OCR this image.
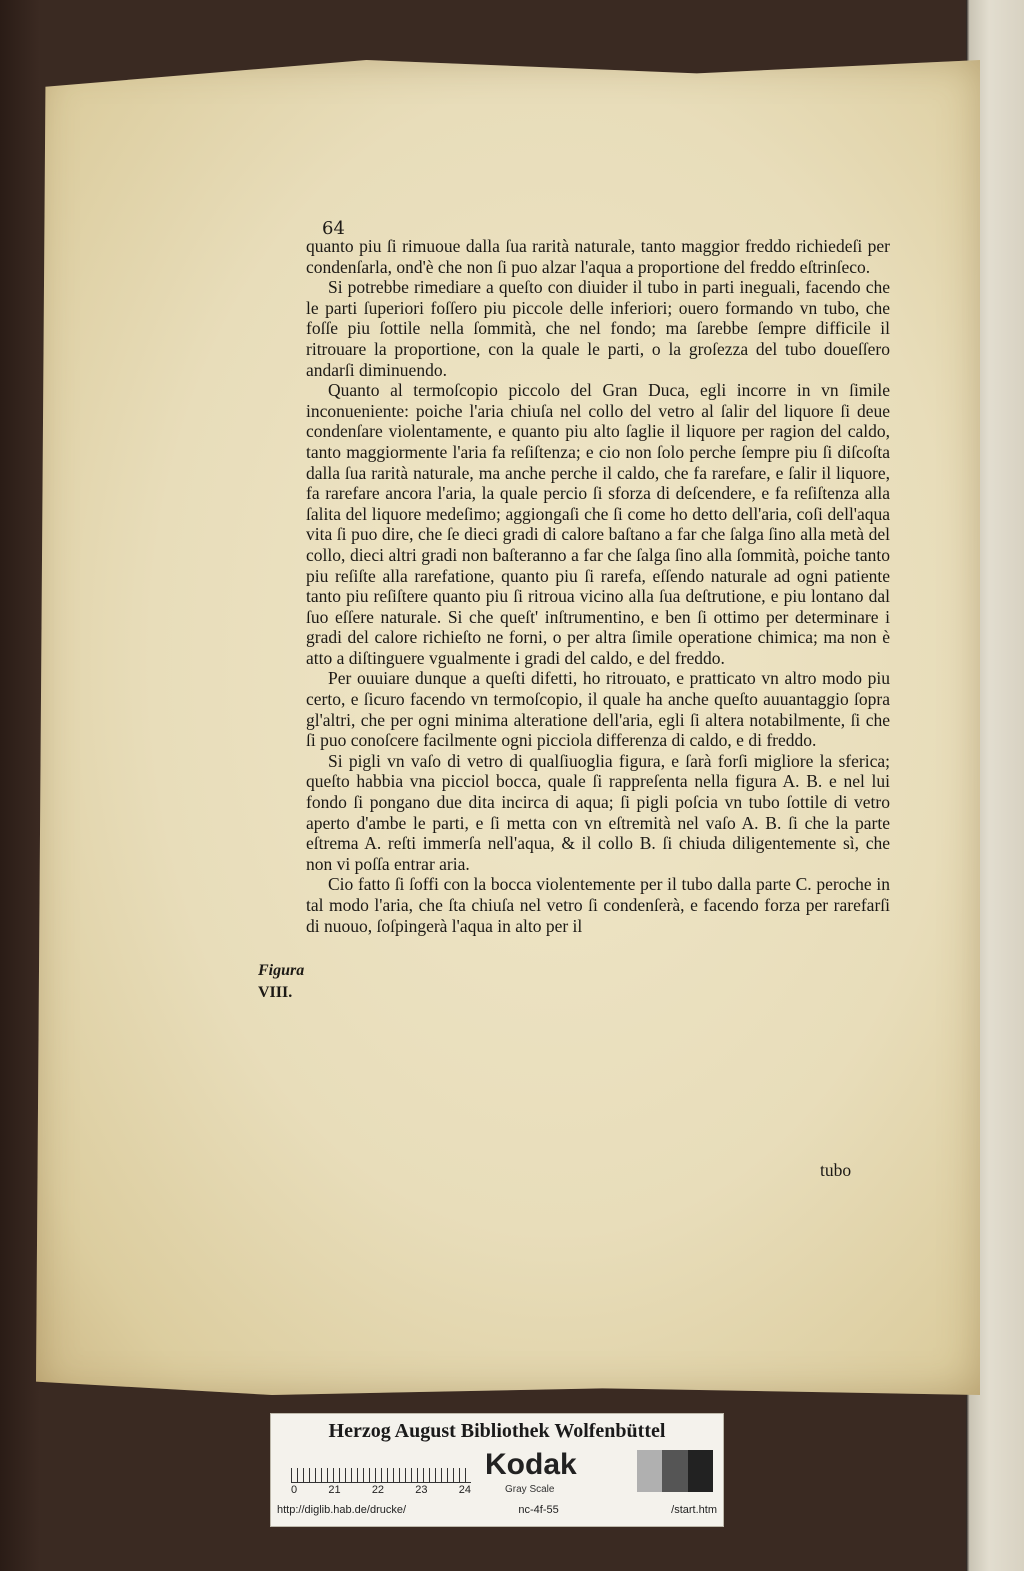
64

quanto piu ſi rimuoue dalla ſua rarità naturale, tanto maggior freddo richiedeſi per condenſarla, ond'è che non ſi puo alzar l'aqua a proportione del freddo eſtrinſeco.

Si potrebbe rimediare a queſto con diuider il tubo in parti ineguali, facendo che le parti ſuperiori foſſero piu piccole delle inferiori; ouero formando vn tubo, che foſſe piu ſottile nella ſommità, che nel fondo; ma ſarebbe ſempre difficile il ritrouare la proportione, con la quale le parti, o la groſezza del tubo doueſſero andarſi diminuendo.

Quanto al termoſcopio piccolo del Gran Duca, egli incorre in vn ſimile inconueniente: poiche l'aria chiuſa nel collo del vetro al ſalir del liquore ſi deue condenſare violentamente, e quanto piu alto ſaglie il liquore per ragion del caldo, tanto maggiormente l'aria fa reſiſtenza; e cio non ſolo perche ſempre piu ſi diſcoſta dalla ſua rarità naturale, ma anche perche il caldo, che fa rarefare, e ſalir il liquore, fa rarefare ancora l'aria, la quale percio ſi sforza di deſcendere, e fa reſiſtenza alla ſalita del liquore medeſimo; aggiongaſi che ſi come ho detto dell'aria, coſi dell'aqua vita ſi puo dire, che ſe dieci gradi di calore baſtano a far che ſalga ſino alla metà del collo, dieci altri gradi non baſteranno a far che ſalga ſino alla ſommità, poiche tanto piu reſiſte alla rarefatione, quanto piu ſi rarefa, eſſendo naturale ad ogni patiente tanto piu reſiſtere quanto piu ſi ritroua vicino alla ſua deſtrutione, e piu lontano dal ſuo eſſere naturale. Si che queſt' inſtrumentino, e ben ſi ottimo per determinare i gradi del calore richieſto ne forni, o per altra ſimile operatione chimica; ma non è atto a diſtinguere vgualmente i gradi del caldo, e del freddo.

Per ouuiare dunque a queſti difetti, ho ritrouato, e pratticato vn altro modo piu certo, e ſicuro facendo vn termoſcopio, il quale ha anche queſto auuantaggio ſopra gl'altri, che per ogni minima alteratione dell'aria, egli ſi altera notabilmente, ſi che ſi puo conoſcere facilmente ogni picciola differenza di caldo, e di freddo.

Si pigli vn vaſo di vetro di qualſiuoglia figura, e ſarà forſi migliore la sferica; queſto habbia vna picciol bocca, quale ſi rappreſenta nella figura A. B. e nel lui fondo ſi pongano due dita incirca di aqua; ſi pigli poſcia vn tubo ſottile di vetro aperto d'ambe le parti, e ſi metta con vn eſtremità nel vaſo A. B. ſi che la parte eſtrema A. reſti immerſa nell'aqua, & il collo B. ſi chiuda diligentemente sì, che non vi poſſa entrar aria.

Cio fatto ſi ſoffi con la bocca violentemente per il tubo dalla parte C. peroche in tal modo l'aria, che ſta chiuſa nel vetro ſi condenſerà, e facendo forza per rarefarſi di nuouo, ſoſpingerà l'aqua in alto per il

tubo
Figura
VIII.
Herzog August Bibliothek Wolfenbüttel
0	21	22	23	24
Kodak
Gray Scale
http://diglib.hab.de/drucke/	nc-4f-55	/start.htm
